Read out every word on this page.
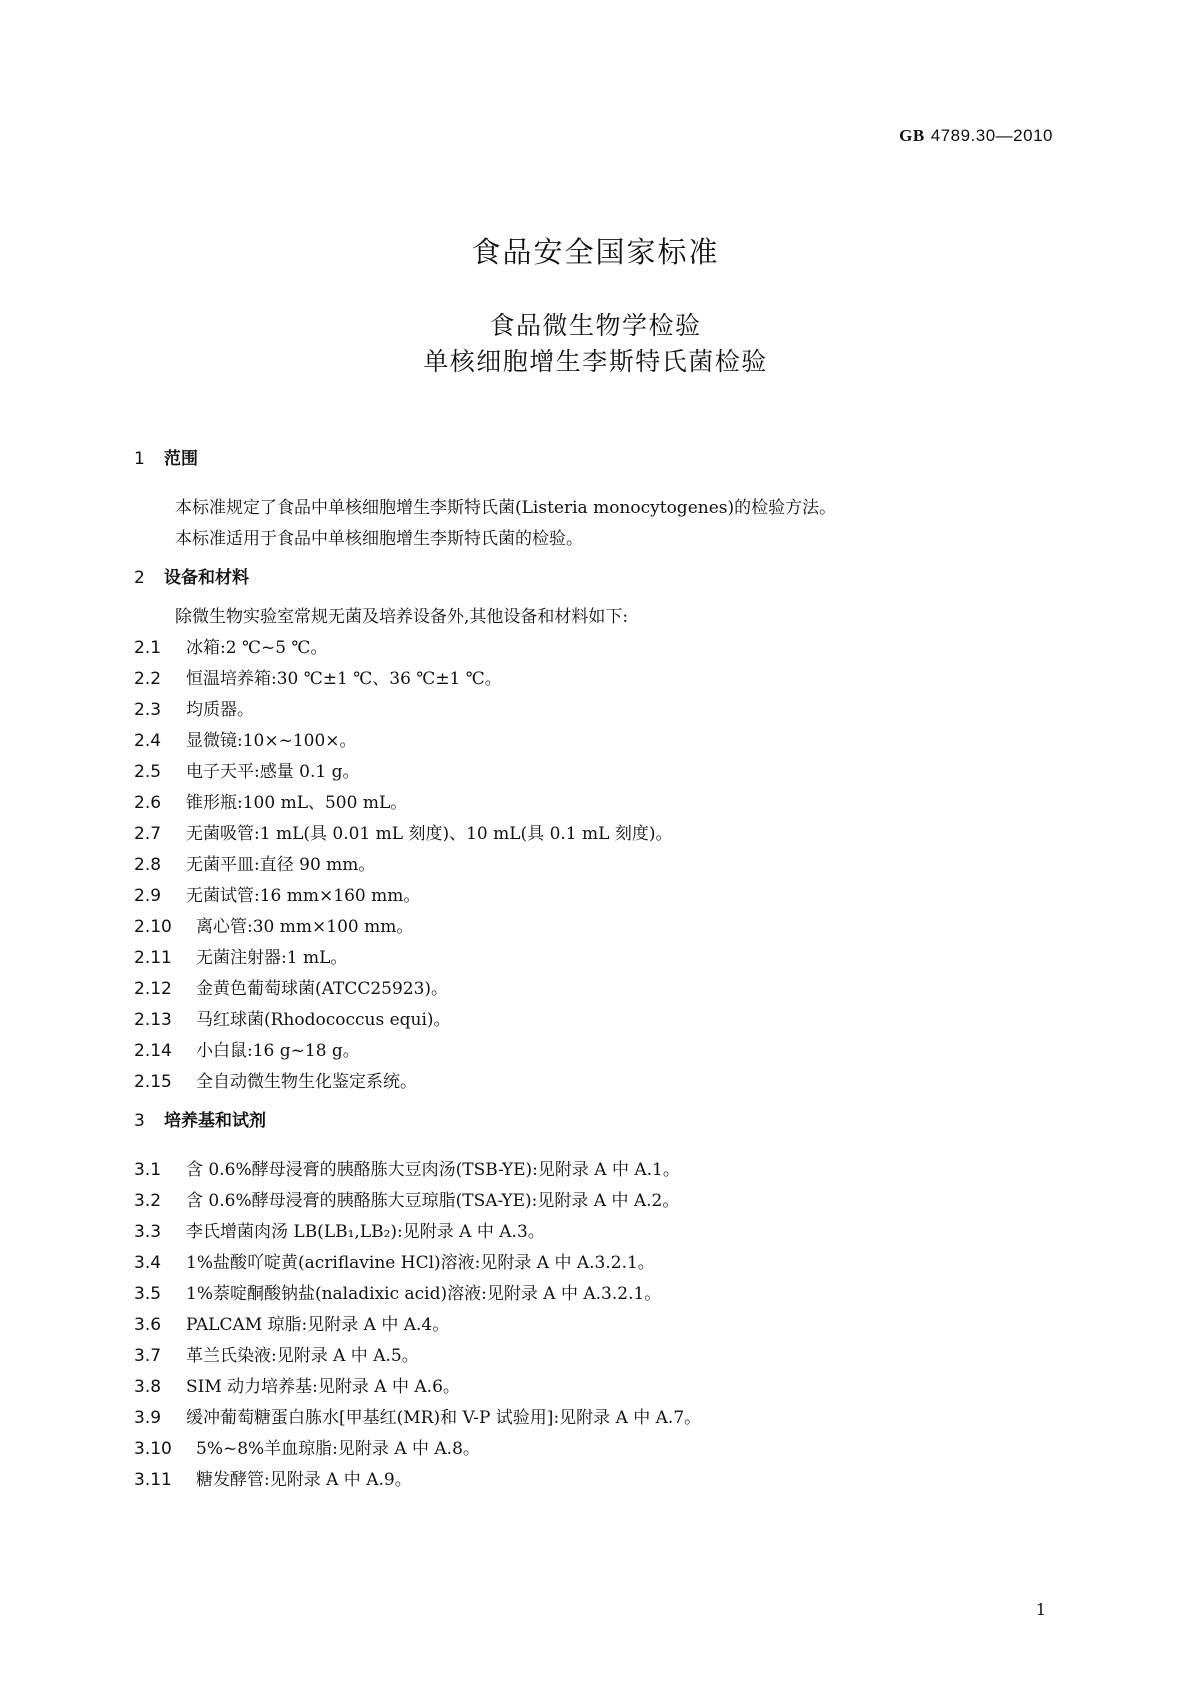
GB 4789.30—2010
食品安全国家标准
食品微生物学检验
单核细胞增生李斯特氏菌检验
1 范围
本标准规定了食品中单核细胞增生李斯特氏菌(Listeria monocytogenes)的检验方法。
本标准适用于食品中单核细胞增生李斯特氏菌的检验。
2 设备和材料
除微生物实验室常规无菌及培养设备外,其他设备和材料如下:
2.1 冰箱:2 ℃~5 ℃。
2.2 恒温培养箱:30 ℃±1 ℃、36 ℃±1 ℃。
2.3 均质器。
2.4 显微镜:10×~100×。
2.5 电子天平:感量 0.1 g。
2.6 锥形瓶:100 mL、500 mL。
2.7 无菌吸管:1 mL(具 0.01 mL 刻度)、10 mL(具 0.1 mL 刻度)。
2.8 无菌平皿:直径 90 mm。
2.9 无菌试管:16 mm×160 mm。
2.10 离心管:30 mm×100 mm。
2.11 无菌注射器:1 mL。
2.12 金黄色葡萄球菌(ATCC25923)。
2.13 马红球菌(Rhodococcus equi)。
2.14 小白鼠:16 g~18 g。
2.15 全自动微生物生化鉴定系统。
3 培养基和试剂
3.1 含 0.6%酵母浸膏的胰酪胨大豆肉汤(TSB-YE):见附录 A 中 A.1。
3.2 含 0.6%酵母浸膏的胰酪胨大豆琼脂(TSA-YE):见附录 A 中 A.2。
3.3 李氏增菌肉汤 LB(LB₁,LB₂):见附录 A 中 A.3。
3.4 1%盐酸吖啶黄(acriflavine HCl)溶液:见附录 A 中 A.3.2.1。
3.5 1%萘啶酮酸钠盐(naladixic acid)溶液:见附录 A 中 A.3.2.1。
3.6 PALCAM 琼脂:见附录 A 中 A.4。
3.7 革兰氏染液:见附录 A 中 A.5。
3.8 SIM 动力培养基:见附录 A 中 A.6。
3.9 缓冲葡萄糖蛋白胨水[甲基红(MR)和 V-P 试验用]:见附录 A 中 A.7。
3.10 5%~8%羊血琼脂:见附录 A 中 A.8。
3.11 糖发酵管:见附录 A 中 A.9。
1
